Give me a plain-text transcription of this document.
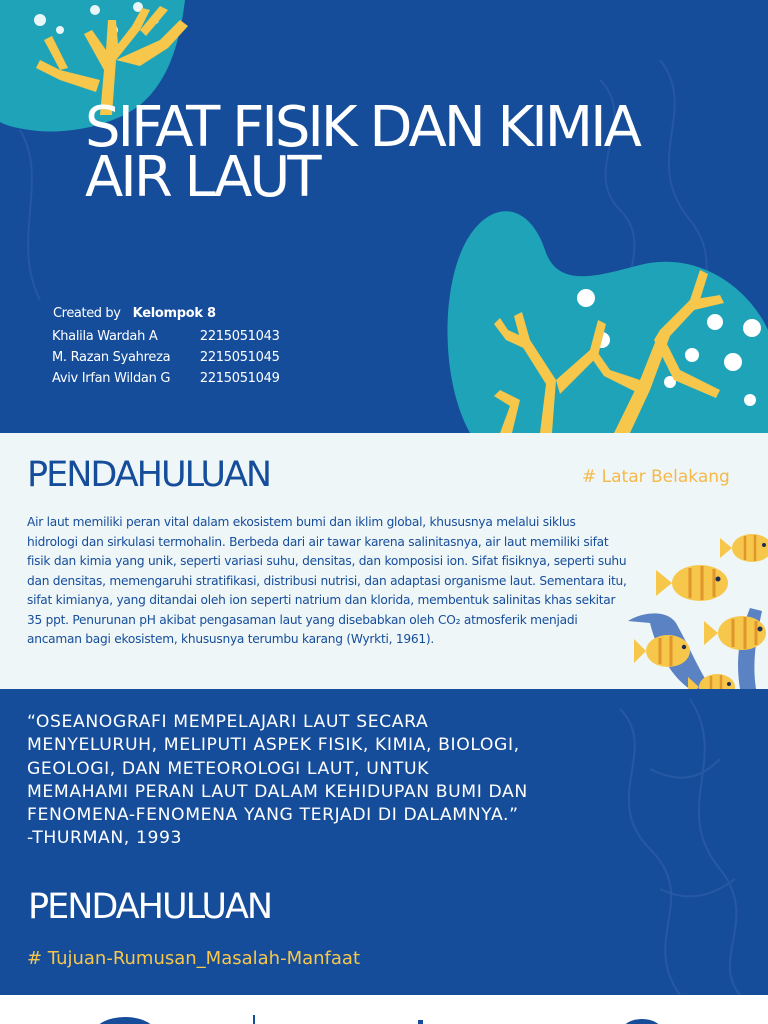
SIFAT FISIK DAN KIMIA AIR LAUT
Created by Kelompok 8
Khalila Wardah A	2215051043
M. Razan Syahreza 2215051045
Aviv Irfan Wildan G 2215051049
PENDAHULUAN	# Latar Belakang

Air laut memiliki peran vital dalam ekosistem bumi dan iklim global, khususnya melalui siklus hidrologi dan sirkulasi termohalin. Berbeda dari air tawar karena salinitasnya, air laut memiliki sifat fisik dan kimia yang unik, seperti variasi suhu, densitas, dan komposisi ion. Sifat fisiknya, seperti suhu dan densitas, memengaruhi stratifikasi, distribusi nutrisi, dan adaptasi organisme laut. Sementara itu, sifat kimianya, yang ditandai oleh ion seperti natrium dan klorida, membentuk salinitas khas sekitar 35 ppt. Penurunan pH akibat pengasaman laut yang disebabkan oleh CO₂ atmosferik menjadi ancaman bagi ekosistem, khususnya terumbu karang (Wyrkti, 1961).

“OSEANOGRAFI MEMPELAJARI LAUT SECARA
MENYELURUH, MELIPUTI ASPEK FISIK, KIMIA, BIOLOGI,
GEOLOGI, DAN METEOROLOGI LAUT, UNTUK
MEMAHAMI PERAN LAUT DALAM KEHIDUPAN BUMI DAN
FENOMENA-FENOMENA YANG TERJADI DI DALAMNYA.”
-THURMAN, 1993

PENDAHULUAN
# Tujuan-Rumusan_Masalah-Manfaat
